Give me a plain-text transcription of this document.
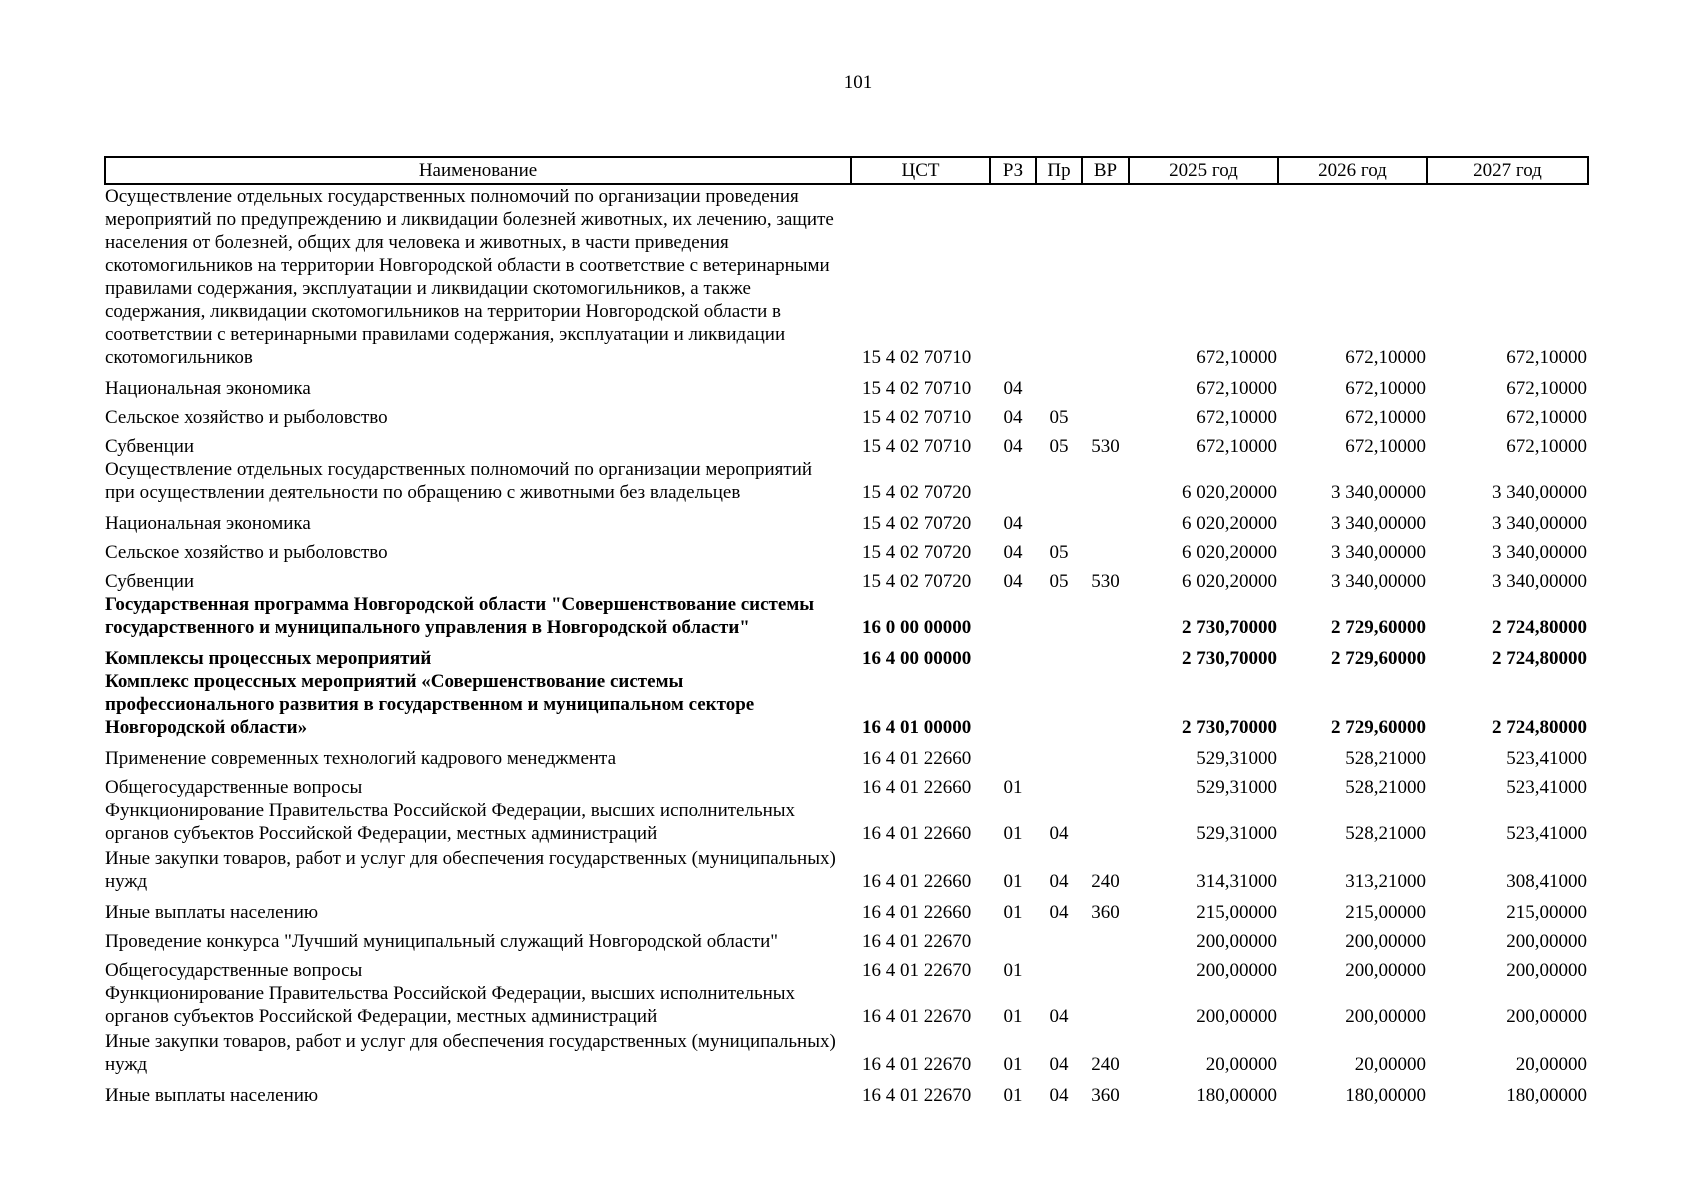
101
Наименование	ЦСТ	РЗ	Пр	ВР	2025 год	2026 год	2027 год
Осуществление отдельных государственных полномочий по организации проведения мероприятий по предупреждению и ликвидации болезней животных, их лечению, защите населения от болезней, общих для человека и животных, в части приведения скотомогильников на территории Новгородской области в соответствие с ветеринарными правилами содержания, эксплуатации и ликвидации скотомогильников, а также содержания, ликвидации скотомогильников на территории Новгородской области в соответствии с ветеринарными правилами содержания, эксплуатации и ликвидации скотомогильников	15 4 02 70710				672,10000	672,10000	672,10000
Национальная экономика	15 4 02 70710	04			672,10000	672,10000	672,10000
Сельское хозяйство и рыболовство	15 4 02 70710	04	05		672,10000	672,10000	672,10000
Субвенции	15 4 02 70710	04	05	530	672,10000	672,10000	672,10000
Осуществление отдельных государственных полномочий по организации мероприятий при осуществлении деятельности по обращению с животными без владельцев	15 4 02 70720				6 020,20000	3 340,00000	3 340,00000
Национальная экономика	15 4 02 70720	04			6 020,20000	3 340,00000	3 340,00000
Сельское хозяйство и рыболовство	15 4 02 70720	04	05		6 020,20000	3 340,00000	3 340,00000
Субвенции	15 4 02 70720	04	05	530	6 020,20000	3 340,00000	3 340,00000
Государственная программа Новгородской области "Совершенствование системы государственного и муниципального управления в Новгородской области"	16 0 00 00000				2 730,70000	2 729,60000	2 724,80000
Комплексы процессных мероприятий	16 4 00 00000				2 730,70000	2 729,60000	2 724,80000
Комплекс процессных мероприятий «Совершенствование системы профессионального развития в государственном и муниципальном секторе Новгородской области»	16 4 01 00000				2 730,70000	2 729,60000	2 724,80000
Применение современных технологий кадрового менеджмента	16 4 01 22660				529,31000	528,21000	523,41000
Общегосударственные вопросы	16 4 01 22660	01			529,31000	528,21000	523,41000
Функционирование Правительства Российской Федерации, высших исполнительных органов субъектов Российской Федерации, местных администраций	16 4 01 22660	01	04		529,31000	528,21000	523,41000
Иные закупки товаров, работ и услуг для обеспечения государственных (муниципальных) нужд	16 4 01 22660	01	04	240	314,31000	313,21000	308,41000
Иные выплаты населению	16 4 01 22660	01	04	360	215,00000	215,00000	215,00000
Проведение конкурса "Лучший муниципальный служащий Новгородской области"	16 4 01 22670				200,00000	200,00000	200,00000
Общегосударственные вопросы	16 4 01 22670	01			200,00000	200,00000	200,00000
Функционирование Правительства Российской Федерации, высших исполнительных органов субъектов Российской Федерации, местных администраций	16 4 01 22670	01	04		200,00000	200,00000	200,00000
Иные закупки товаров, работ и услуг для обеспечения государственных (муниципальных) нужд	16 4 01 22670	01	04	240	20,00000	20,00000	20,00000
Иные выплаты населению	16 4 01 22670	01	04	360	180,00000	180,00000	180,00000
